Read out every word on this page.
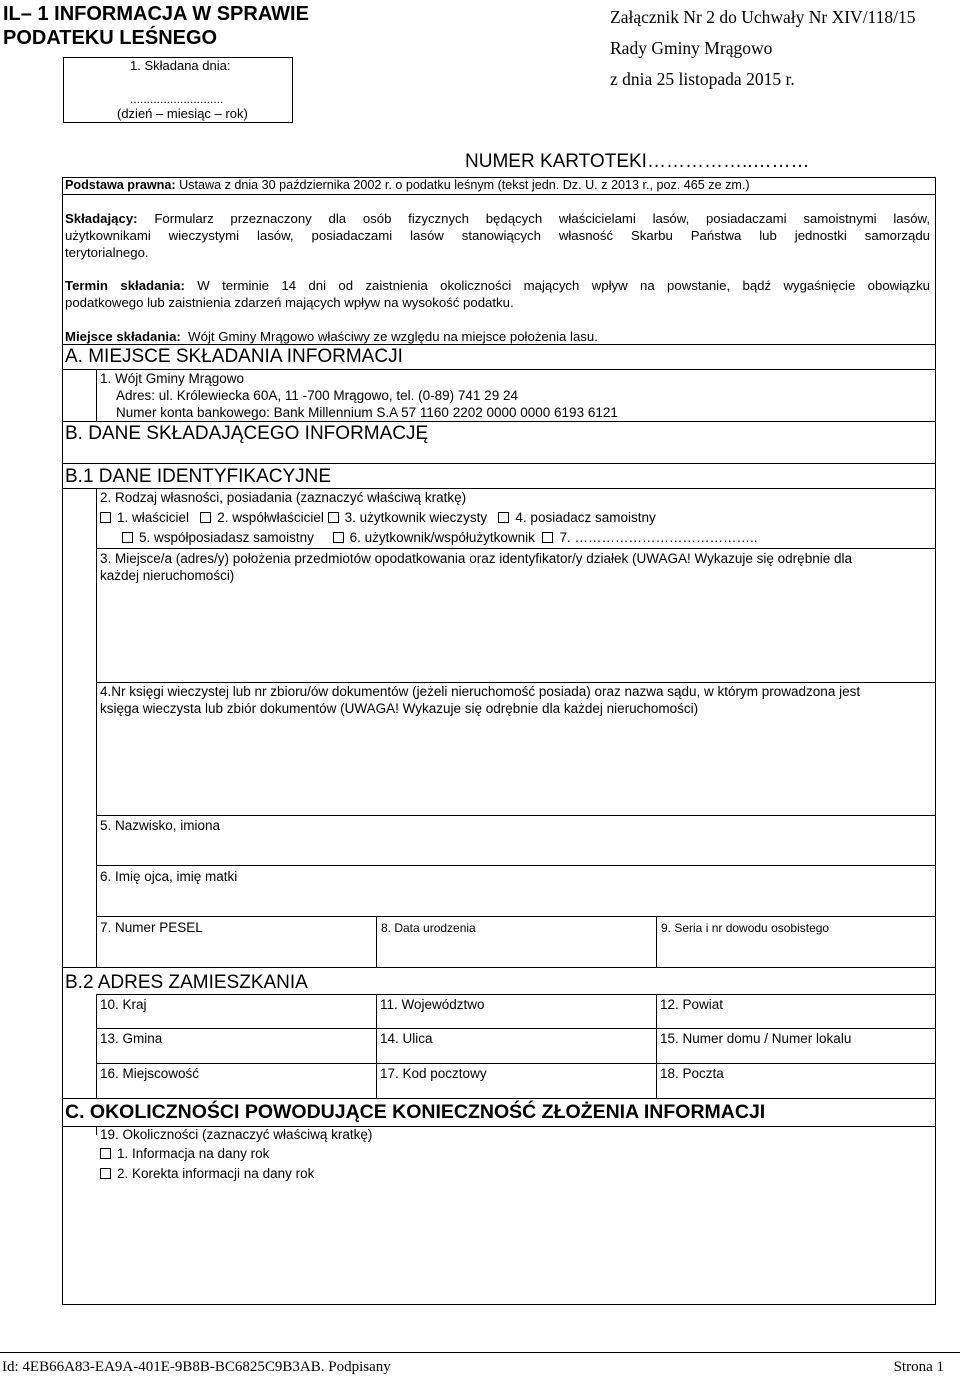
IL– 1 INFORMACJA W SPRAWIE
PODATEKU LEŚNEGO
1. Składana dnia:
............................
(dzień – miesiąc – rok)
Załącznik Nr 2 do Uchwały Nr XIV/118/15
Rady Gminy Mrągowo
z dnia 25 listopada 2015 r.
NUMER KARTOTEKI……………..………
Podstawa prawna: Ustawa z dnia 30 października 2002 r. o podatku leśnym (tekst jedn. Dz. U. z 2013 r., poz. 465 ze zm.)
Składający: Formularz przeznaczony dla osób fizycznych będących właścicielami lasów, posiadaczami samoistnymi lasów,
użytkownikami wieczystymi lasów, posiadaczami lasów stanowiących własność Skarbu Państwa lub jednostki samorządu
terytorialnego.
Termin składania: W terminie 14 dni od zaistnienia okoliczności mających wpływ na powstanie, bądź wygaśnięcie obowiązku
podatkowego lub zaistnienia zdarzeń mających wpływ na wysokość podatku.
Miejsce składania: Wójt Gminy Mrągowo właściwy ze względu na miejsce położenia lasu.
A. MIEJSCE SKŁADANIA INFORMACJI
1. Wójt Gminy Mrągowo
Adres: ul. Królewiecka 60A, 11 -700 Mrągowo, tel. (0-89) 741 29 24
Numer konta bankowego: Bank Millennium S.A 57 1160 2202 0000 0000 6193 6121
B. DANE SKŁADAJĄCEGO INFORMACJĘ
B.1 DANE IDENTYFIKACYJNE
2. Rodzaj własności, posiadania (zaznaczyć właściwą kratkę)
1. właściciel 2. współwłaściciel 3. użytkownik wieczysty 4. posiadacz samoistny
5. współposiadasz samoistny	6. użytkownik/współużytkownik 7. …………………………………..
3. Miejsce/a (adres/y) położenia przedmiotów opodatkowania oraz identyfikator/y działek (UWAGA! Wykazuje się odrębnie dla
każdej nieruchomości)
4.Nr księgi wieczystej lub nr zbioru/ów dokumentów (jeżeli nieruchomość posiada) oraz nazwa sądu, w którym prowadzona jest
księga wieczysta lub zbiór dokumentów (UWAGA! Wykazuje się odrębnie dla każdej nieruchomości)
5. Nazwisko, imiona
6. Imię ojca, imię matki
7. Numer PESEL	8. Data urodzenia	9. Seria i nr dowodu osobistego
B.2 ADRES ZAMIESZKANIA
10. Kraj	11. Województwo	12. Powiat
13. Gmina	14. Ulica	15. Numer domu / Numer lokalu
16. Miejscowość	17. Kod pocztowy	18. Poczta
C. OKOLICZNOŚCI POWODUJĄCE KONIECZNOŚĆ ZŁOŻENIA INFORMACJI
19. Okoliczności (zaznaczyć właściwą kratkę)
1. Informacja na dany rok
2. Korekta informacji na dany rok
Id: 4EB66A83-EA9A-401E-9B8B-BC6825C9B3AB. Podpisany	Strona 1
